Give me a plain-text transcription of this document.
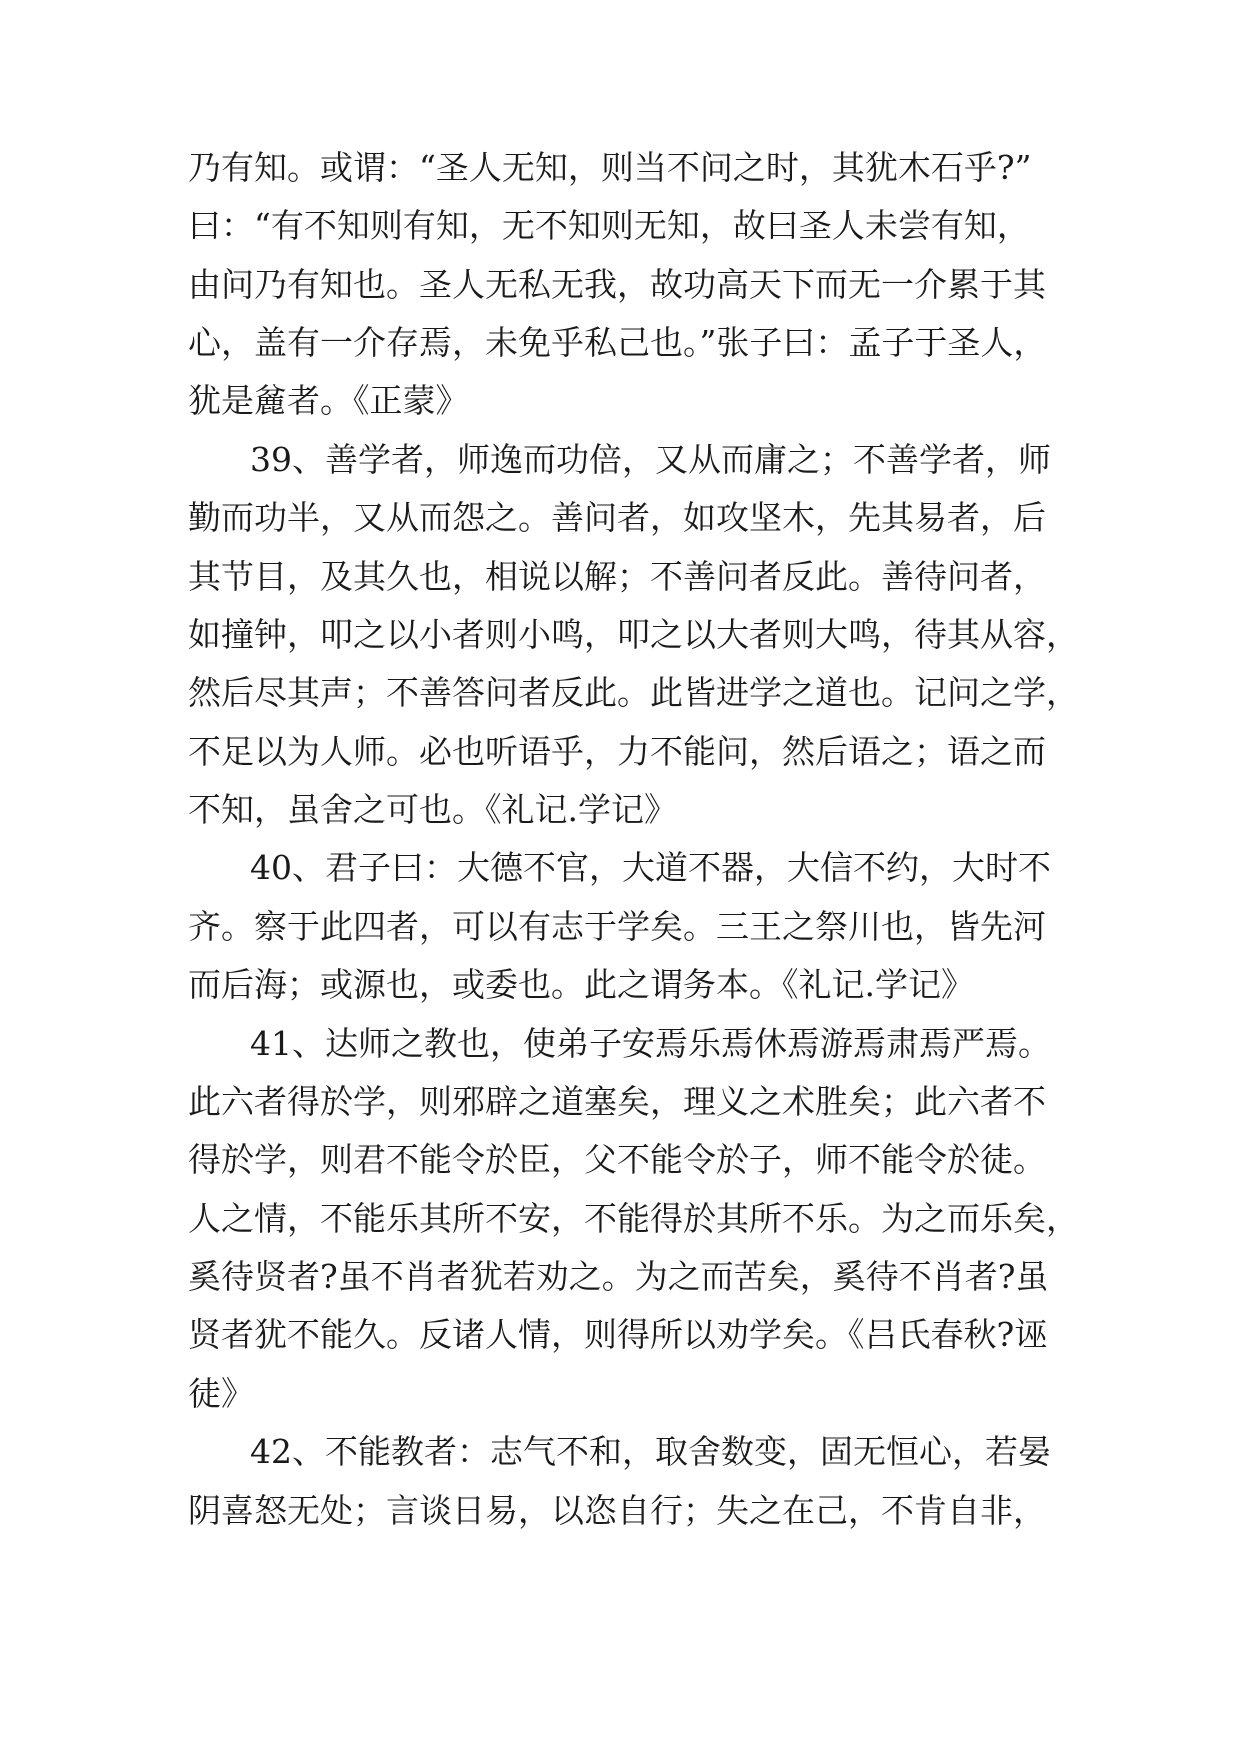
乃有知。或谓：“圣人无知，则当不问之时，其犹木石乎?”
曰：“有不知则有知，无不知则无知，故曰圣人未尝有知，
由问乃有知也。圣人无私无我，故功高天下而无一介累于其
心，盖有一介存焉，未免乎私己也。”张子曰：孟子于圣人，
犹是麄者。《正蒙》
39、善学者，师逸而功倍，又从而庸之；不善学者，师
勤而功半，又从而怨之。善问者，如攻坚木，先其易者，后
其节目，及其久也，相说以解；不善问者反此。善待问者，
如撞钟，叩之以小者则小鸣，叩之以大者则大鸣，待其从容，
然后尽其声；不善答问者反此。此皆进学之道也。记问之学，
不足以为人师。必也听语乎，力不能问，然后语之；语之而
不知，虽舍之可也。《礼记.学记》
40、君子曰：大德不官，大道不器，大信不约，大时不
齐。察于此四者，可以有志于学矣。三王之祭川也，皆先河
而后海；或源也，或委也。此之谓务本。《礼记.学记》
41、达师之教也，使弟子安焉乐焉休焉游焉肃焉严焉。
此六者得於学，则邪辟之道塞矣，理义之术胜矣；此六者不
得於学，则君不能令於臣，父不能令於子，师不能令於徒。
人之情，不能乐其所不安，不能得於其所不乐。为之而乐矣，
奚待贤者?虽不肖者犹若劝之。为之而苦矣，奚待不肖者?虽
贤者犹不能久。反诸人情，则得所以劝学矣。《吕氏春秋?诬
徒》
42、不能教者：志气不和，取舍数变，固无恒心，若晏
阴喜怒无处；言谈日易，以恣自行；失之在己，不肯自非，
